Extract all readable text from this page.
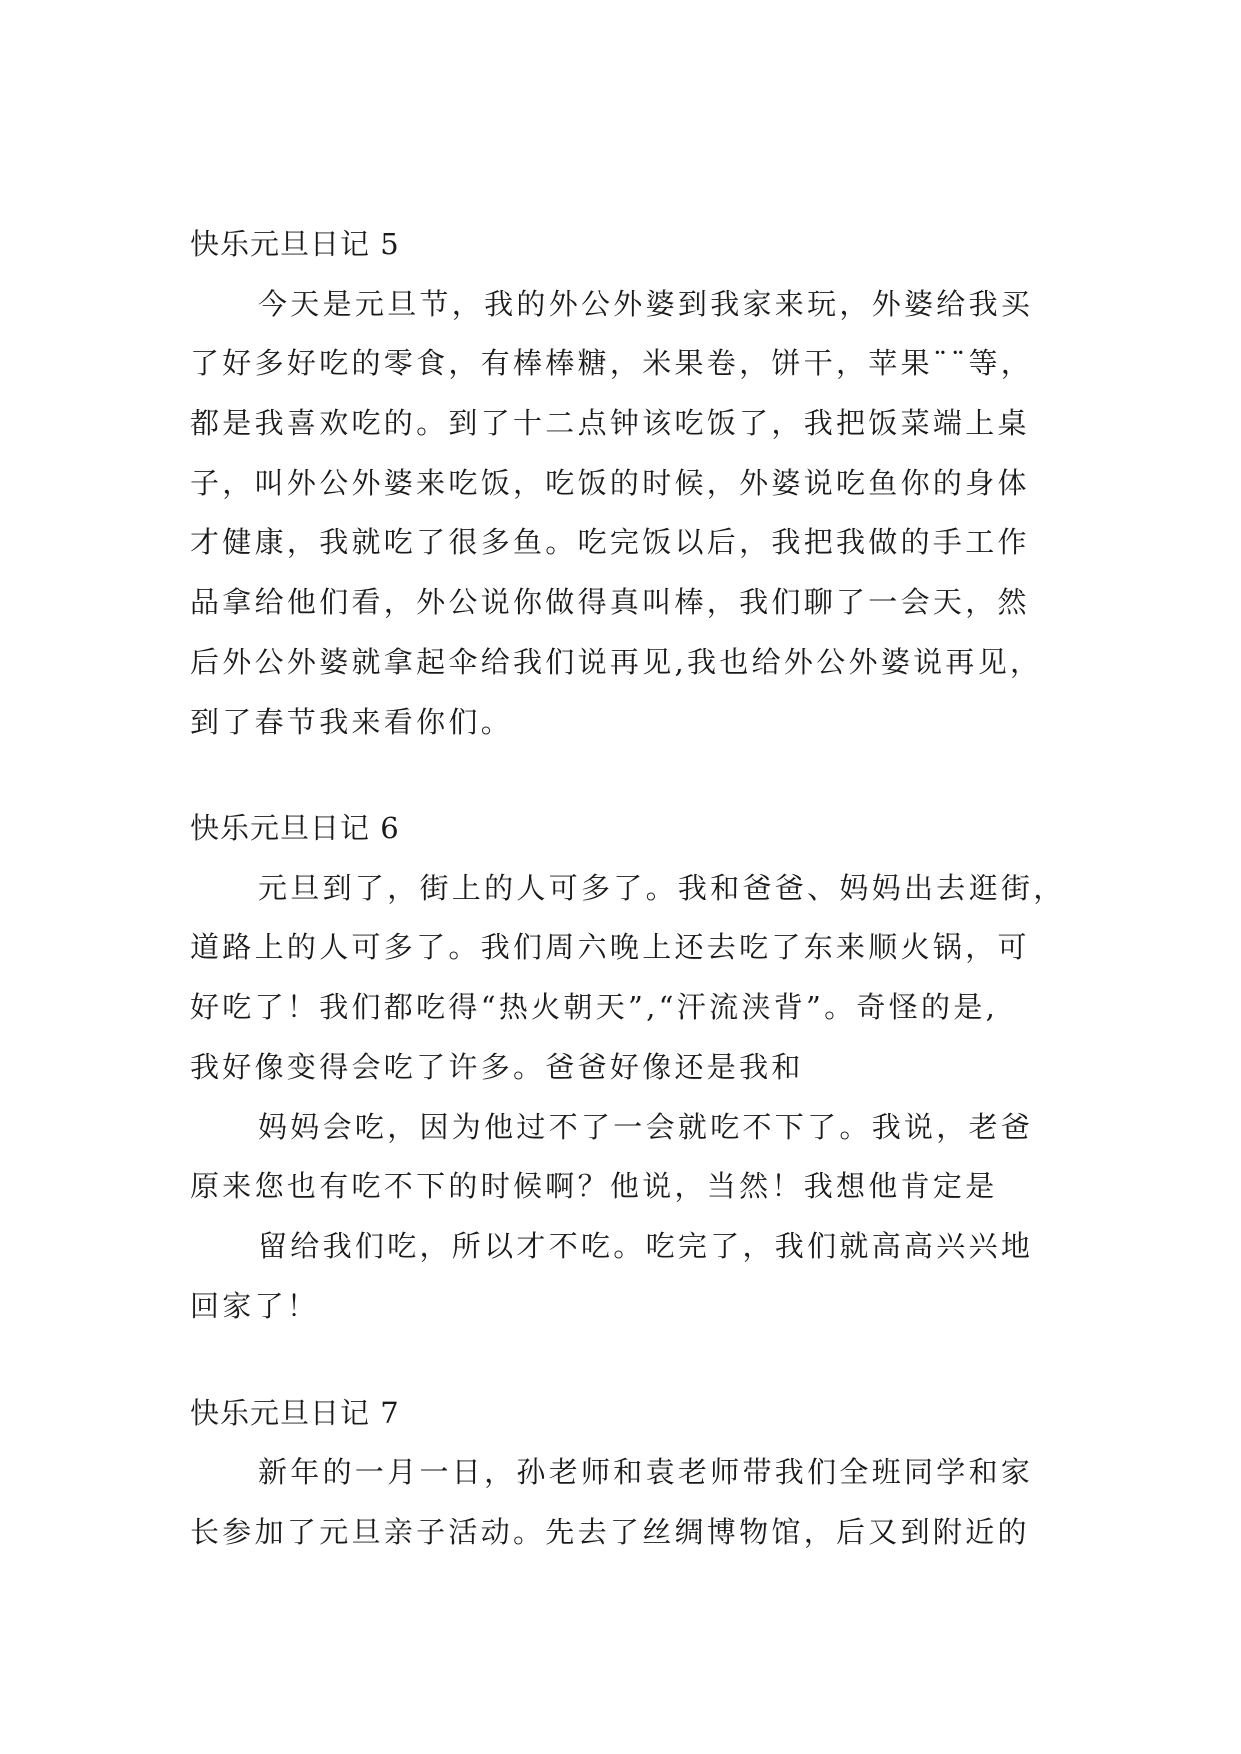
快乐元旦日记 5
今天是元旦节，我的外公外婆到我家来玩，外婆给我买
了好多好吃的零食，有棒棒糖，米果卷，饼干，苹果¨¨等，
都是我喜欢吃的。到了十二点钟该吃饭了，我把饭菜端上桌
子，叫外公外婆来吃饭，吃饭的时候，外婆说吃鱼你的身体
才健康，我就吃了很多鱼。吃完饭以后，我把我做的手工作
品拿给他们看，外公说你做得真叫棒，我们聊了一会天，然
后外公外婆就拿起伞给我们说再见,我也给外公外婆说再见，
到了春节我来看你们。
快乐元旦日记 6
元旦到了，街上的人可多了。我和爸爸、妈妈出去逛街，
道路上的人可多了。我们周六晚上还去吃了东来顺火锅，可
好吃了！我们都吃得“热火朝天”,“汗流浃背”。奇怪的是,
我好像变得会吃了许多。爸爸好像还是我和
妈妈会吃，因为他过不了一会就吃不下了。我说，老爸
原来您也有吃不下的时候啊？他说，当然！我想他肯定是
留给我们吃，所以才不吃。吃完了，我们就高高兴兴地
回家了！
快乐元旦日记 7
新年的一月一日，孙老师和袁老师带我们全班同学和家
长参加了元旦亲子活动。先去了丝绸博物馆，后又到附近的
